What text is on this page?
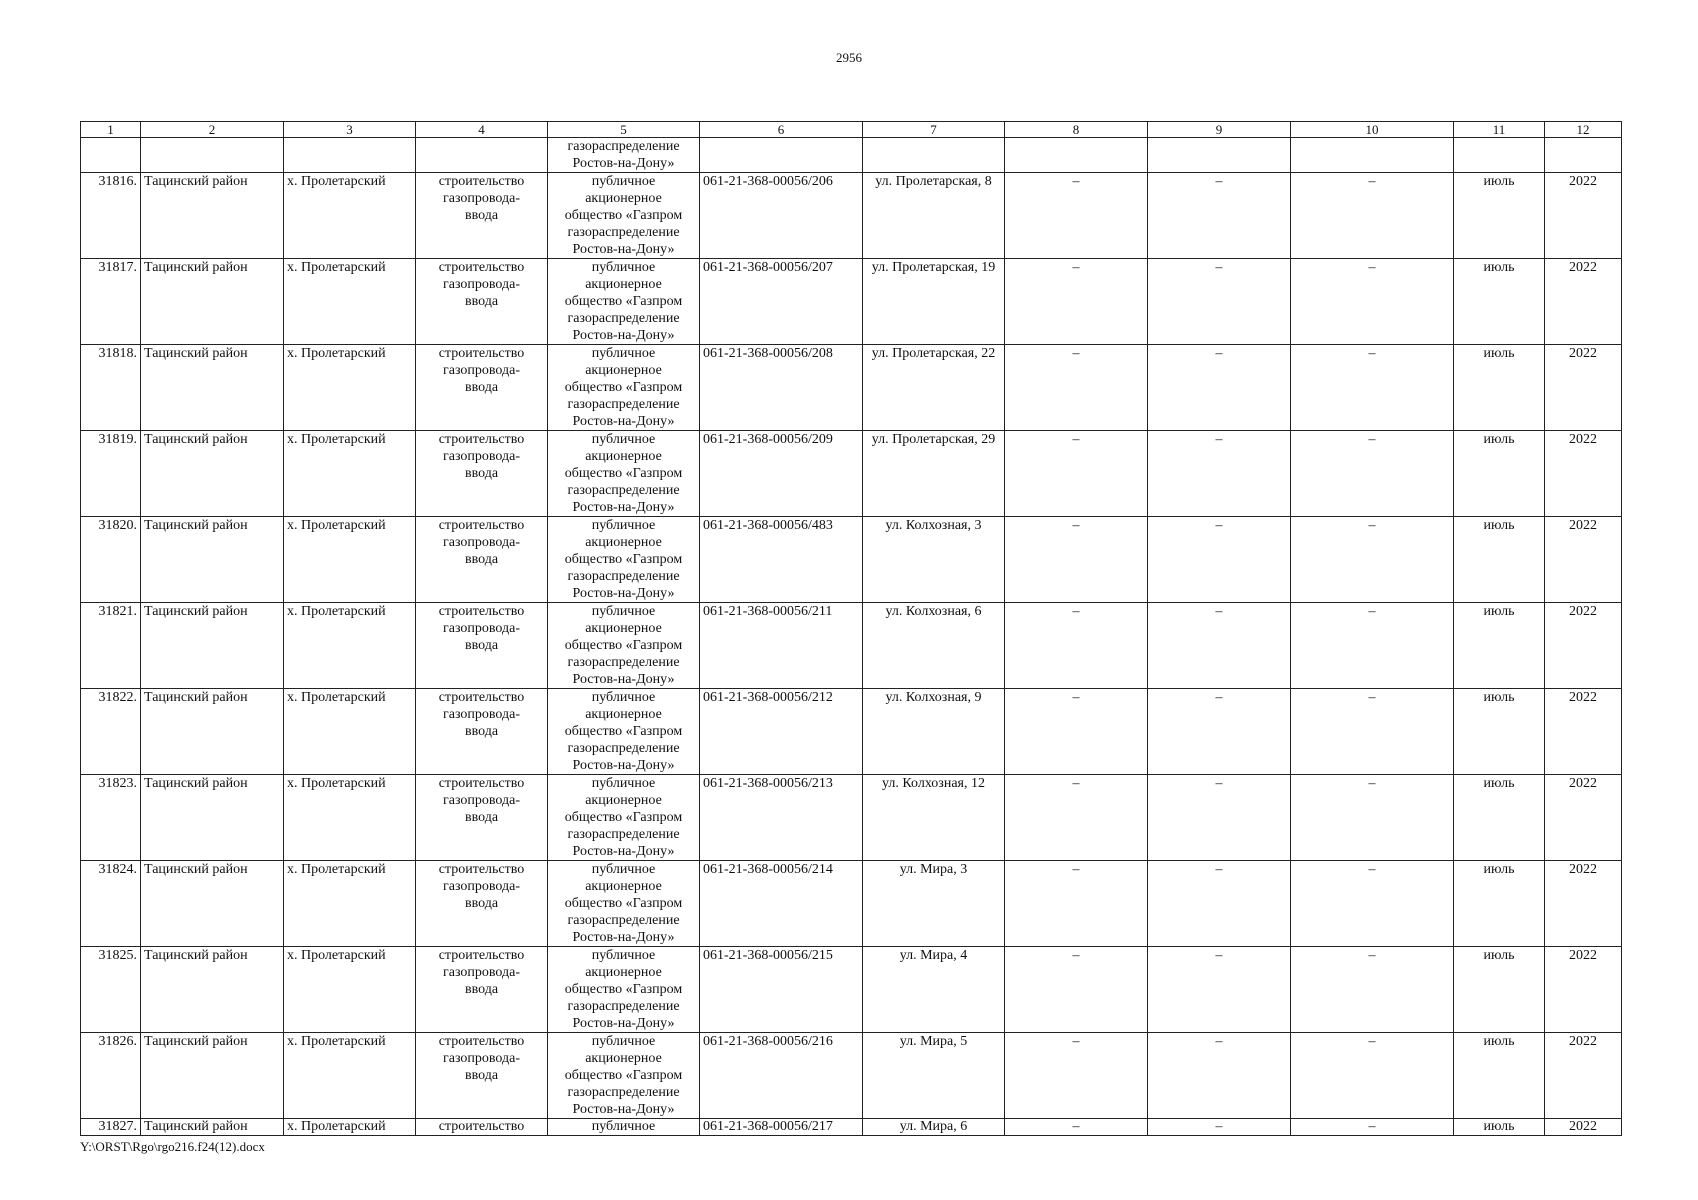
2956
1	2	3	4	5	6	7	8	9	10	11	12

				газораспределение
Ростов-на-Дону»							

31816.	Тацинский район	х. Пролетарский	строительство
газопровода-
ввода	публичное
акционерное
общество «Газпром
газораспределение
Ростов-на-Дону»	061-21-368-00056/206	ул. Пролетарская, 8	–	–	–	июль	2022
31817.	Тацинский район	х. Пролетарский	строительство
газопровода-
ввода	публичное
акционерное
общество «Газпром
газораспределение
Ростов-на-Дону»	061-21-368-00056/207	ул. Пролетарская, 19	–	–	–	июль	2022
31818.	Тацинский район	х. Пролетарский	строительство
газопровода-
ввода	публичное
акционерное
общество «Газпром
газораспределение
Ростов-на-Дону»	061-21-368-00056/208	ул. Пролетарская, 22	–	–	–	июль	2022
31819.	Тацинский район	х. Пролетарский	строительство
газопровода-
ввода	публичное
акционерное
общество «Газпром
газораспределение
Ростов-на-Дону»	061-21-368-00056/209	ул. Пролетарская, 29	–	–	–	июль	2022
31820.	Тацинский район	х. Пролетарский	строительство
газопровода-
ввода	публичное
акционерное
общество «Газпром
газораспределение
Ростов-на-Дону»	061-21-368-00056/483	ул. Колхозная, 3	–	–	–	июль	2022
31821.	Тацинский район	х. Пролетарский	строительство
газопровода-
ввода	публичное
акционерное
общество «Газпром
газораспределение
Ростов-на-Дону»	061-21-368-00056/211	ул. Колхозная, 6	–	–	–	июль	2022
31822.	Тацинский район	х. Пролетарский	строительство
газопровода-
ввода	публичное
акционерное
общество «Газпром
газораспределение
Ростов-на-Дону»	061-21-368-00056/212	ул. Колхозная, 9	–	–	–	июль	2022
31823.	Тацинский район	х. Пролетарский	строительство
газопровода-
ввода	публичное
акционерное
общество «Газпром
газораспределение
Ростов-на-Дону»	061-21-368-00056/213	ул. Колхозная, 12	–	–	–	июль	2022
31824.	Тацинский район	х. Пролетарский	строительство
газопровода-
ввода	публичное
акционерное
общество «Газпром
газораспределение
Ростов-на-Дону»	061-21-368-00056/214	ул. Мира, 3	–	–	–	июль	2022
31825.	Тацинский район	х. Пролетарский	строительство
газопровода-
ввода	публичное
акционерное
общество «Газпром
газораспределение
Ростов-на-Дону»	061-21-368-00056/215	ул. Мира, 4	–	–	–	июль	2022
31826.	Тацинский район	х. Пролетарский	строительство
газопровода-
ввода	публичное
акционерное
общество «Газпром
газораспределение
Ростов-на-Дону»	061-21-368-00056/216	ул. Мира, 5	–	–	–	июль	2022
31827.	Тацинский район	х. Пролетарский	строительство	публичное	061-21-368-00056/217	ул. Мира, 6	–	–	–	июль	2022
Y:\ORST\Rgo\rgo216.f24(12).docx
